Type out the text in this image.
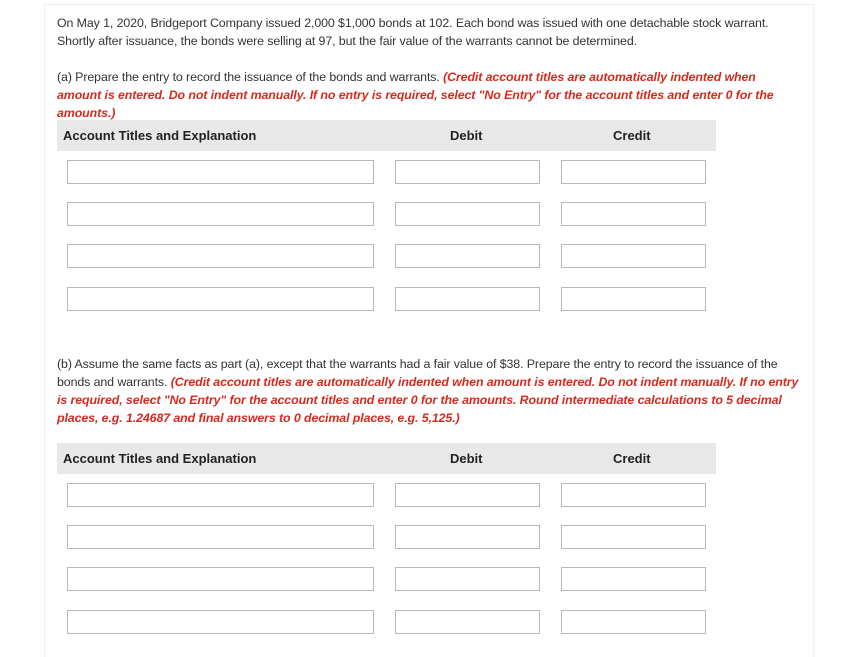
On May 1, 2020, Bridgeport Company issued 2,000 $1,000 bonds at 102. Each bond was issued with one detachable stock warrant. Shortly after issuance, the bonds were selling at 97, but the fair value of the warrants cannot be determined.

(a) Prepare the entry to record the issuance of the bonds and warrants. (Credit account titles are automatically indented when amount is entered. Do not indent manually. If no entry is required, select "No Entry" for the account titles and enter 0 for the amounts.)

Account Titles and Explanation	Debit	Credit

(b) Assume the same facts as part (a), except that the warrants had a fair value of $38. Prepare the entry to record the issuance of the bonds and warrants. (Credit account titles are automatically indented when amount is entered. Do not indent manually. If no entry is required, select "No Entry" for the account titles and enter 0 for the amounts. Round intermediate calculations to 5 decimal places, e.g. 1.24687 and final answers to 0 decimal places, e.g. 5,125.)

Account Titles and Explanation	Debit	Credit
